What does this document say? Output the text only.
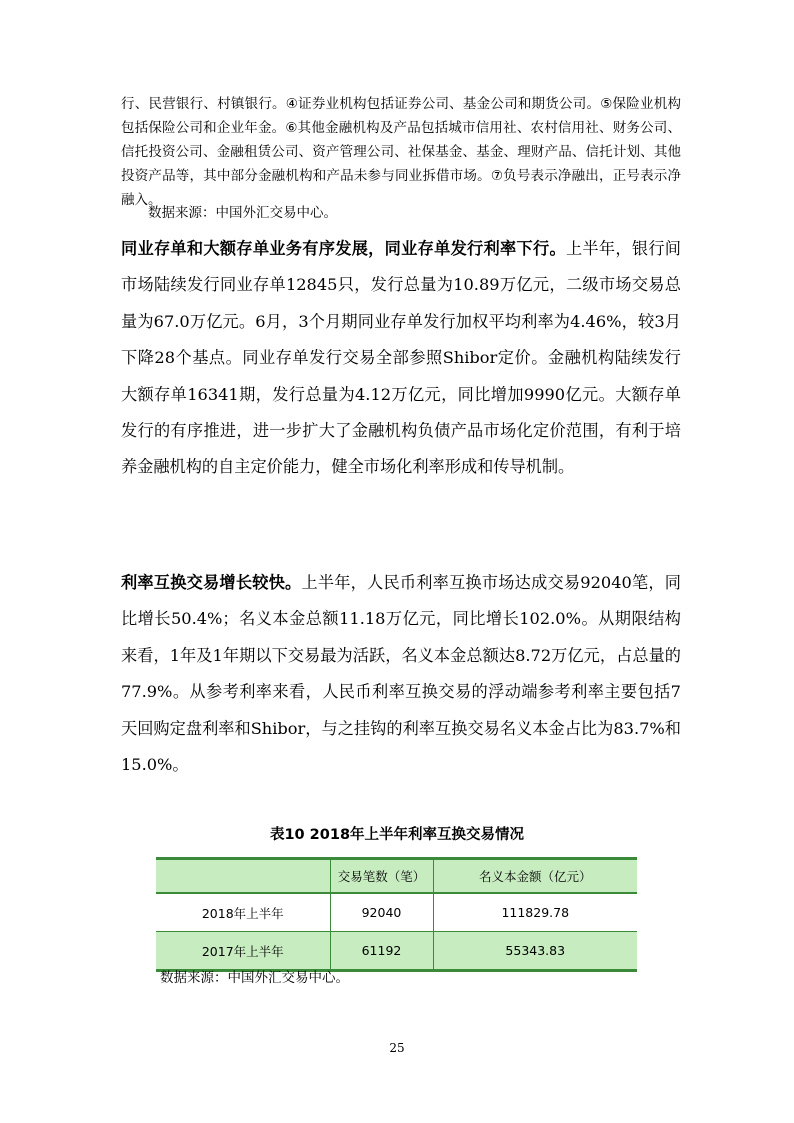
行、民营银行、村镇银行。④证券业机构包括证券公司、基金公司和期货公司。⑤保险业机构包括保险公司和企业年金。⑥其他金融机构及产品包括城市信用社、农村信用社、财务公司、信托投资公司、金融租赁公司、资产管理公司、社保基金、基金、理财产品、信托计划、其他投资产品等，其中部分金融机构和产品未参与同业拆借市场。⑦负号表示净融出，正号表示净融入。
数据来源：中国外汇交易中心。
同业存单和大额存单业务有序发展，同业存单发行利率下行。上半年，银行间市场陆续发行同业存单12845只，发行总量为10.89万亿元，二级市场交易总量为67.0万亿元。6月，3个月期同业存单发行加权平均利率为4.46%，较3月下降28个基点。同业存单发行交易全部参照Shibor定价。金融机构陆续发行大额存单16341期，发行总量为4.12万亿元，同比增加9990亿元。大额存单发行的有序推进，进一步扩大了金融机构负债产品市场化定价范围，有利于培养金融机构的自主定价能力，健全市场化利率形成和传导机制。
利率互换交易增长较快。上半年，人民币利率互换市场达成交易92040笔，同比增长50.4%；名义本金总额11.18万亿元，同比增长102.0%。从期限结构来看，1年及1年期以下交易最为活跃，名义本金总额达8.72万亿元，占总量的77.9%。从参考利率来看，人民币利率互换交易的浮动端参考利率主要包括7天回购定盘利率和Shibor，与之挂钩的利率互换交易名义本金占比为83.7%和15.0%。
表10 2018年上半年利率互换交易情况
	交易笔数（笔）	名义本金额（亿元）
2018年上半年	92040	111829.78
2017年上半年	61192	55343.83
数据来源：中国外汇交易中心。
25
